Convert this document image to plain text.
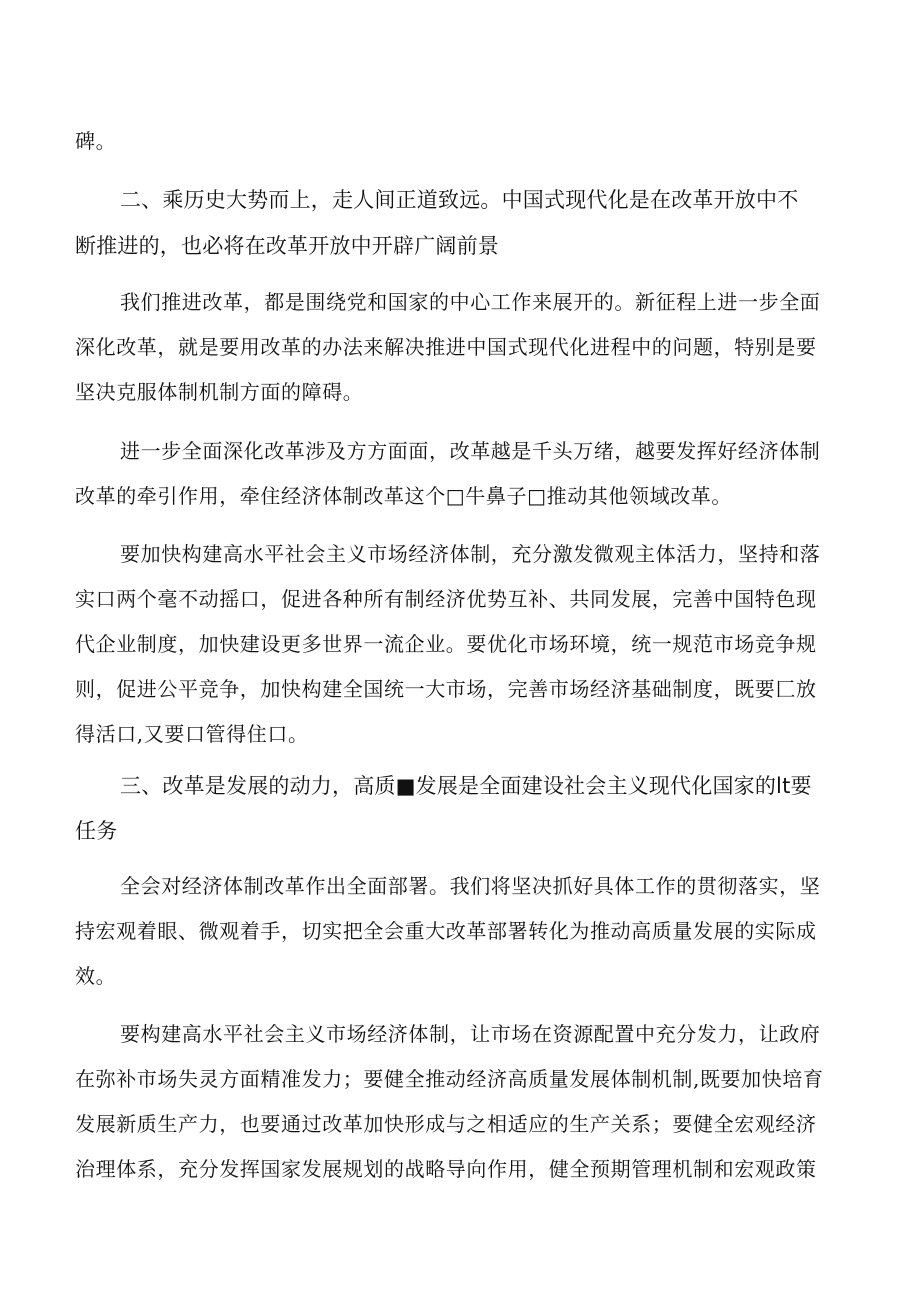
碑。

二、乘历史大势而上，走人间正道致远。中国式现代化是在改革开放中不

断推进的，也必将在改革开放中开辟广阔前景

我们推进改革，都是围绕党和国家的中心工作来展开的。新征程上进一步全面

深化改革，就是要用改革的办法来解决推进中国式现代化进程中的问题，特别是要

坚决克服体制机制方面的障碍。

进一步全面深化改革涉及方方面面，改革越是千头万绪，越要发挥好经济体制

改革的牵引作用，牵住经济体制改革这个□牛鼻子□推动其他领域改革。

要加快构建高水平社会主义市场经济体制，充分激发微观主体活力，坚持和落

实口两个毫不动摇口，促进各种所有制经济优势互补、共同发展，完善中国特色现

代企业制度，加快建设更多世界一流企业。要优化市场环境，统一规范市场竞争规

则，促进公平竞争，加快构建全国统一大市场，完善市场经济基础制度，既要匚放

得活口,又要口管得住口。

三、改革是发展的动力，高质■发展是全面建设社会主义现代化国家的lt要

任务

全会对经济体制改革作出全面部署。我们将坚决抓好具体工作的贯彻落实，坚

持宏观着眼、微观着手，切实把全会重大改革部署转化为推动高质量发展的实际成

效。

要构建高水平社会主义市场经济体制，让市场在资源配置中充分发力，让政府

在弥补市场失灵方面精准发力；要健全推动经济高质量发展体制机制,既要加快培育

发展新质生产力，也要通过改革加快形成与之相适应的生产关系；要健全宏观经济

治理体系，充分发挥国家发展规划的战略导向作用，健全预期管理机制和宏观政策
